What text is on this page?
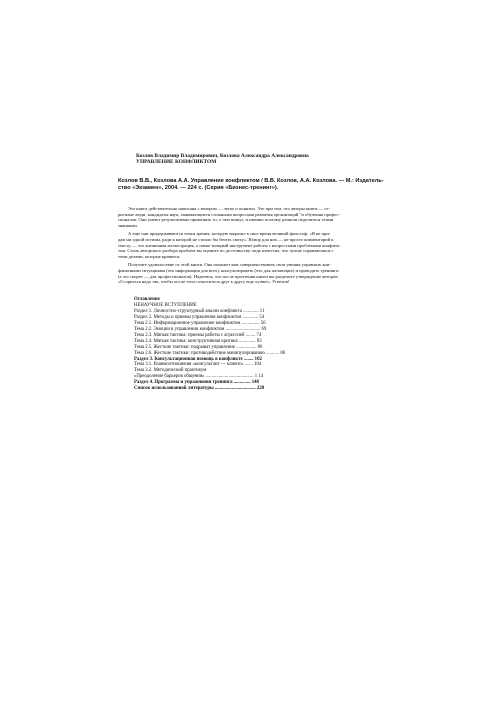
Козлов Владимир Владимирович, Козлова Александра Александровна
УПРАВЛЕНИЕ КОНФЛИКТОМ
Козлов В.В., Козлова А.А. Управление конфликтом / В.В. Козлов, А.А. Козлова. — М.: Издатель-
ство «Экзамен», 2004. — 224 с. (Серия «Бизнес-тренинг»).
Эта книга действительно написана с юмором — легко и понятно. Это при том, что авторы книги — се-
рьезные люди, кандидаты наук, занимающиеся сложными вопросами развития организаций "и обучения профес-
сионалов. Они умеют результативно применять то, о чем пишут, и именно поэтому решили поделиться этими
знаниями.
А еще они придерживаются точки зрения, которую выразил в свое время великий философ: «Я не при-
дам ни одной истины, ради к которой не стоило бы бегать смеху». Юмор для них — не просто комментарий к
тексту, — это жизненная иллюстрация, а также мощный инструмент работы с непростыми проблемами конфлик-
том. Стиль авторского разбора проблем вы оцените по достоинству: ведь известно, что лучше справляешься с
теми делами, которые нравятся.
Получите удовольствие от этой книги. Она поможет вам совершенствовать свои умения управлять кон-
фликтными ситуациями (что информация для всех), консультировать (что для желающих) и проводить тренинги
(а это скорее — для профессионалов). Надеемся, что после прочтения книги вы разделите утверждение авторов:
«Ссориться надо так, чтобы после этого относиться друг к другу еще лучше». Успехов!
Оглавление
НЕНАУЧНОЕ ВСТУПЛЕНИЕ
Раздел 1. Личностно-структурный анализ конфликта ............. 11
Раздел 2. Методы и приемы управления конфликтом ............. 54
Тема 2.1. Информационное управление конфликтом ............... 56
Тема 2.2. Эмоции в управлении конфликтом ............................. 69
Тема 2.3. Мягкая тактика: приемы работы с агрессией ........ 74
Тема 2.4. Мягкая тактика: конструктивная критика .............. 83
Тема 2.5. Жесткие тактики: подрыват управление ................. 86
Тема 2.6. Жесткие тактики: противодействие манипулированию ........... 86
Раздел 3. Консультационная помощь в конфликте ........ 102
Тема 3.1. Взаимоотношения «консультант — клиент» ....... 104
Тема 3.2. Методический практикум
«Преодоление барьеров общения» ........................................ 1 14
Раздел 4. Программа и упражнения тренинга .............. 148
Список использованной литературы .................................. 220
